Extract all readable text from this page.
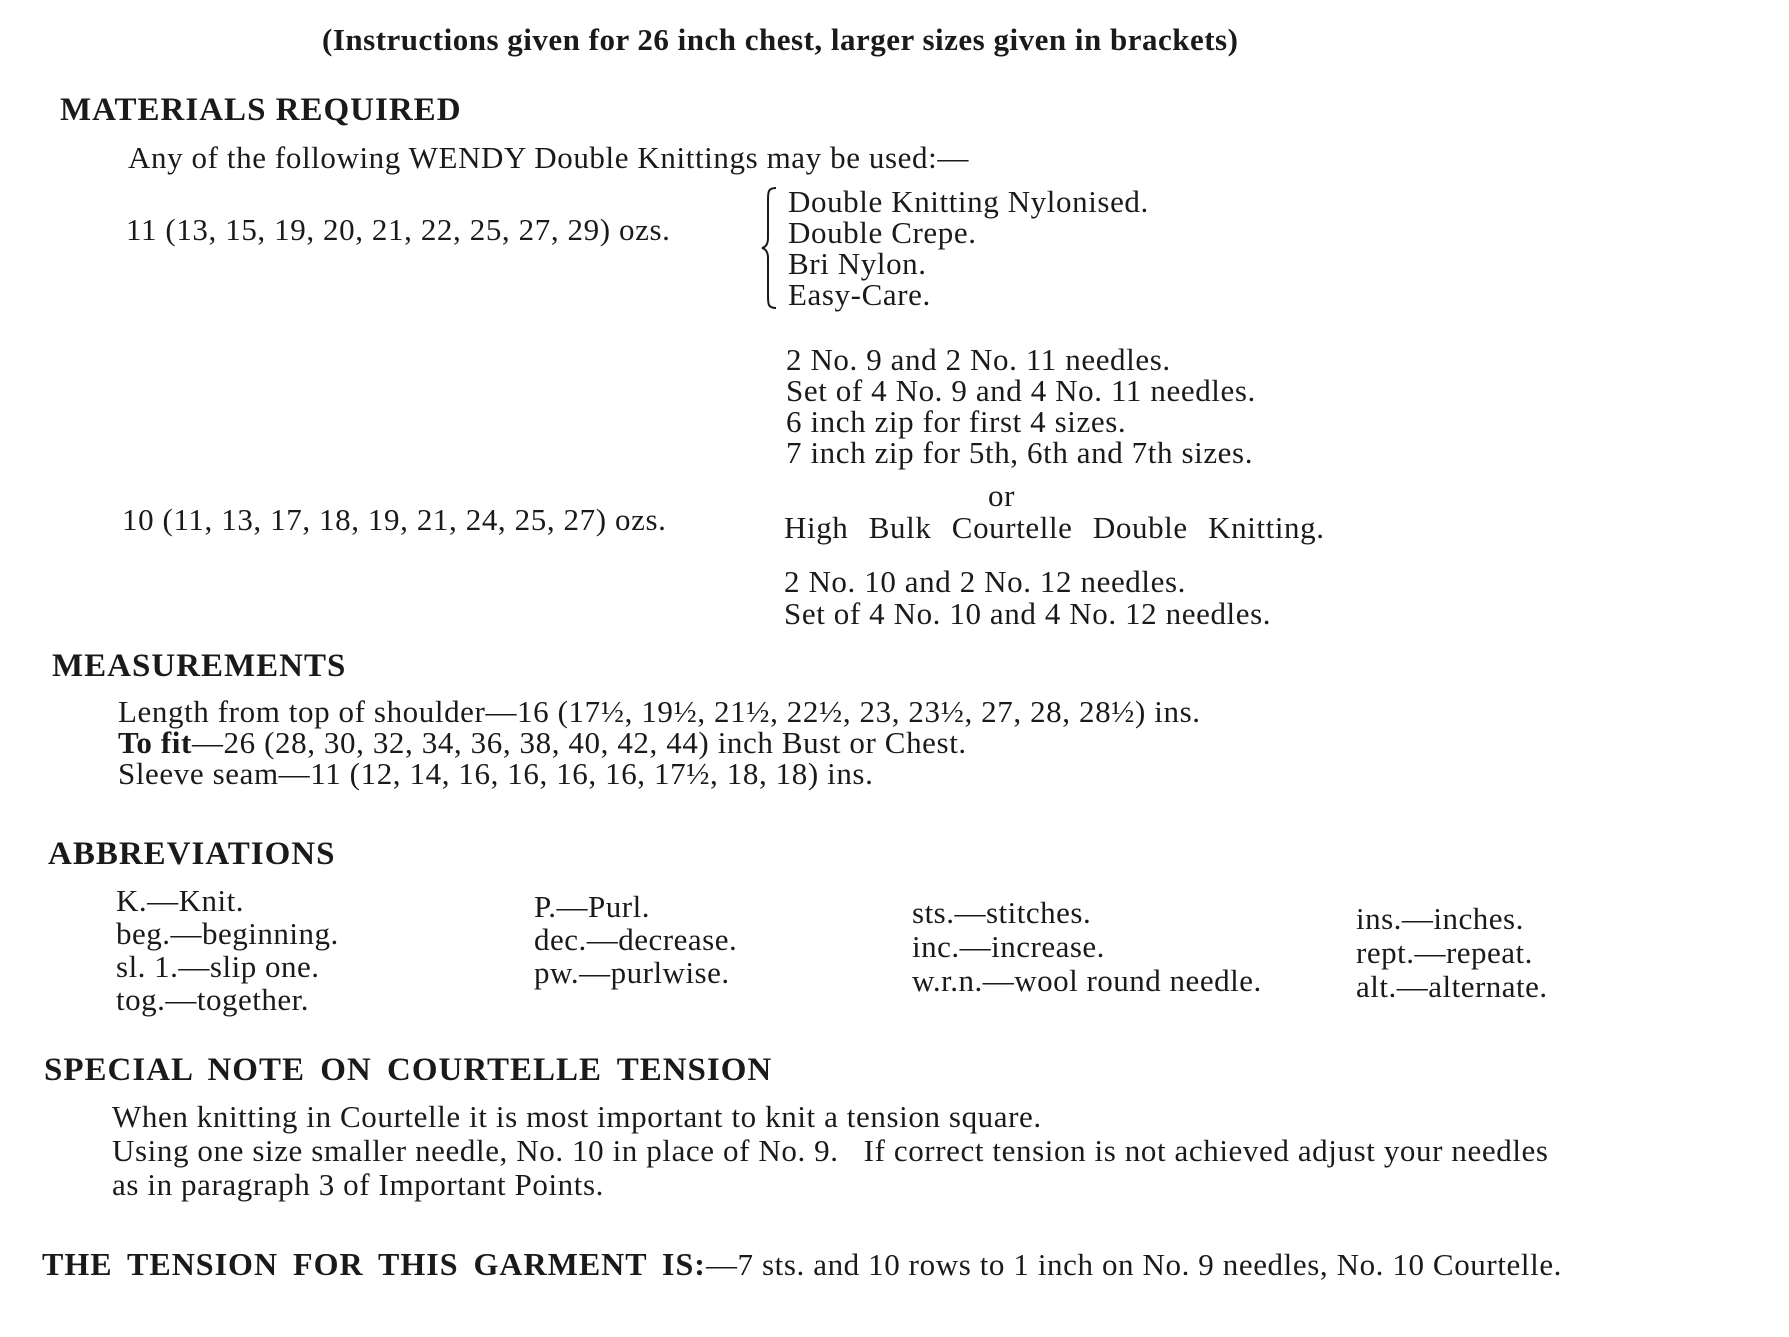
(Instructions given for 26 inch chest, larger sizes given in brackets)
MATERIALS REQUIRED
Any of the following WENDY Double Knittings may be used:—
11 (13, 15, 19, 20, 21, 22, 25, 27, 29) ozs.
Double Knitting Nylonised.
Double Crepe.
Bri Nylon.
Easy-Care.
2 No. 9 and 2 No. 11 needles.
Set of 4 No. 9 and 4 No. 11 needles.
6 inch zip for first 4 sizes.
7 inch zip for 5th, 6th and 7th sizes.
or
10 (11, 13, 17, 18, 19, 21, 24, 25, 27) ozs.	High Bulk Courtelle Double Knitting.
2 No. 10 and 2 No. 12 needles.
Set of 4 No. 10 and 4 No. 12 needles.
MEASUREMENTS
Length from top of shoulder—16 (17½, 19½, 21½, 22½, 23, 23½, 27, 28, 28½) ins.
To fit—26 (28, 30, 32, 34, 36, 38, 40, 42, 44) inch Bust or Chest.
Sleeve seam—11 (12, 14, 16, 16, 16, 16, 17½, 18, 18) ins.
ABBREVIATIONS
K.—Knit.
beg.—beginning.
sl. 1.—slip one.
tog.—together.
P.—Purl.
dec.—decrease.
pw.—purlwise.
sts.—stitches.
inc.—increase.
w.r.n.—wool round needle.
ins.—inches.
rept.—repeat.
alt.—alternate.
SPECIAL NOTE ON COURTELLE TENSION
When knitting in Courtelle it is most important to knit a tension square.
Using one size smaller needle, No. 10 in place of No. 9.   If correct tension is not achieved adjust your needles
as in paragraph 3 of Important Points.
THE TENSION FOR THIS GARMENT IS:—7 sts. and 10 rows to 1 inch on No. 9 needles, No. 10 Courtelle.
